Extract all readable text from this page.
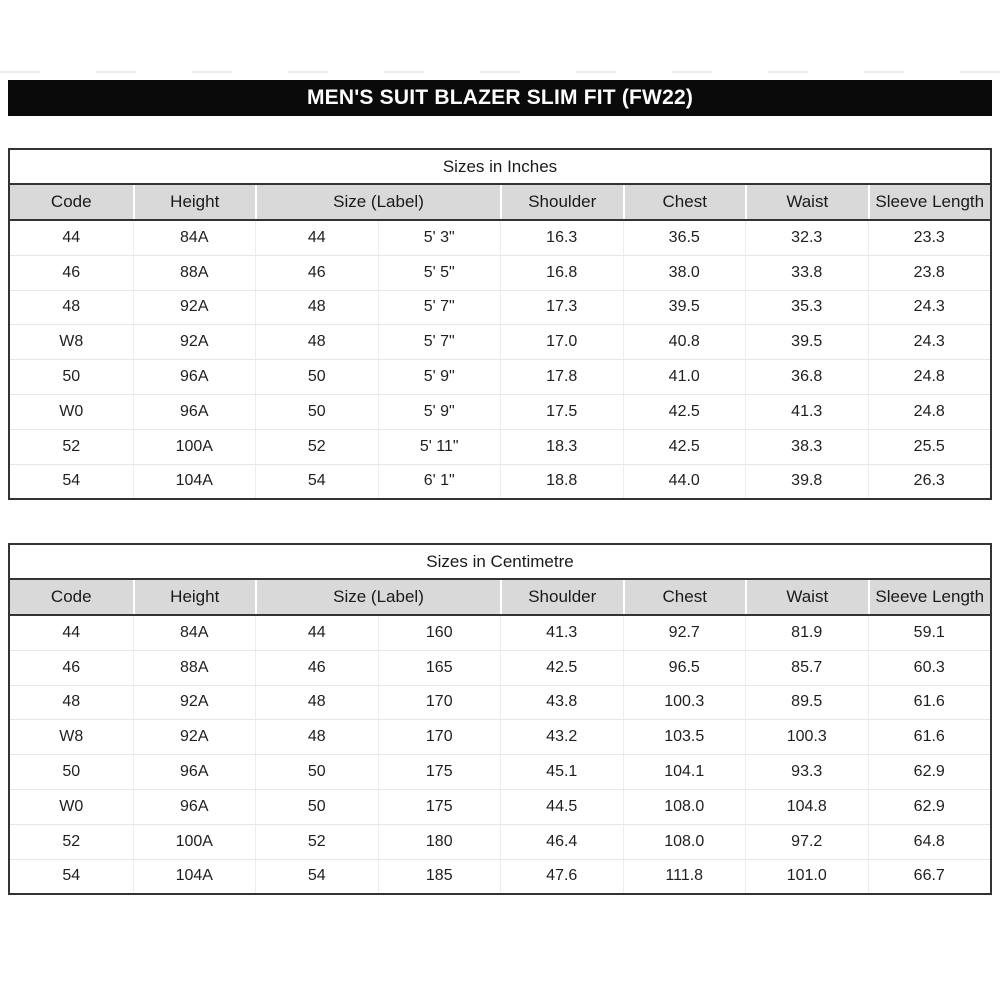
MEN'S SUIT BLAZER SLIM FIT (FW22)
Sizes in Inches
Code	Height	Size (Label)	Shoulder	Chest	Waist	Sleeve Length
44	84A	44	5' 3"	16.3	36.5	32.3	23.3
46	88A	46	5' 5"	16.8	38.0	33.8	23.8
48	92A	48	5' 7"	17.3	39.5	35.3	24.3
W8	92A	48	5' 7"	17.0	40.8	39.5	24.3
50	96A	50	5' 9"	17.8	41.0	36.8	24.8
W0	96A	50	5' 9"	17.5	42.5	41.3	24.8
52	100A	52	5' 11"	18.3	42.5	38.3	25.5
54	104A	54	6' 1"	18.8	44.0	39.8	26.3
Sizes in Centimetre
Code	Height	Size (Label)	Shoulder	Chest	Waist	Sleeve Length
44	84A	44	160	41.3	92.7	81.9	59.1
46	88A	46	165	42.5	96.5	85.7	60.3
48	92A	48	170	43.8	100.3	89.5	61.6
W8	92A	48	170	43.2	103.5	100.3	61.6
50	96A	50	175	45.1	104.1	93.3	62.9
W0	96A	50	175	44.5	108.0	104.8	62.9
52	100A	52	180	46.4	108.0	97.2	64.8
54	104A	54	185	47.6	111.8	101.0	66.7
